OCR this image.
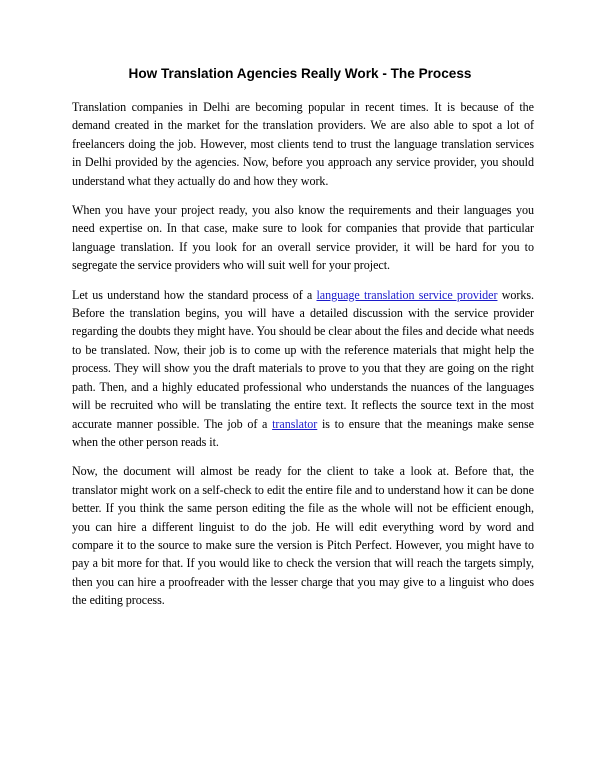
How Translation Agencies Really Work - The Process

Translation companies in Delhi are becoming popular in recent times. It is because of the demand created in the market for the translation providers. We are also able to spot a lot of freelancers doing the job. However, most clients tend to trust the language translation services in Delhi provided by the agencies. Now, before you approach any service provider, you should understand what they actually do and how they work.

When you have your project ready, you also know the requirements and their languages you need expertise on. In that case, make sure to look for companies that provide that particular language translation. If you look for an overall service provider, it will be hard for you to segregate the service providers who will suit well for your project.

Let us understand how the standard process of a language translation service provider works. Before the translation begins, you will have a detailed discussion with the service provider regarding the doubts they might have. You should be clear about the files and decide what needs to be translated. Now, their job is to come up with the reference materials that might help the process. They will show you the draft materials to prove to you that they are going on the right path. Then, and a highly educated professional who understands the nuances of the languages will be recruited who will be translating the entire text. It reflects the source text in the most accurate manner possible. The job of a translator is to ensure that the meanings make sense when the other person reads it.

Now, the document will almost be ready for the client to take a look at. Before that, the translator might work on a self-check to edit the entire file and to understand how it can be done better. If you think the same person editing the file as the whole will not be efficient enough, you can hire a different linguist to do the job. He will edit everything word by word and compare it to the source to make sure the version is Pitch Perfect. However, you might have to pay a bit more for that. If you would like to check the version that will reach the targets simply, then you can hire a proofreader with the lesser charge that you may give to a linguist who does the editing process.
